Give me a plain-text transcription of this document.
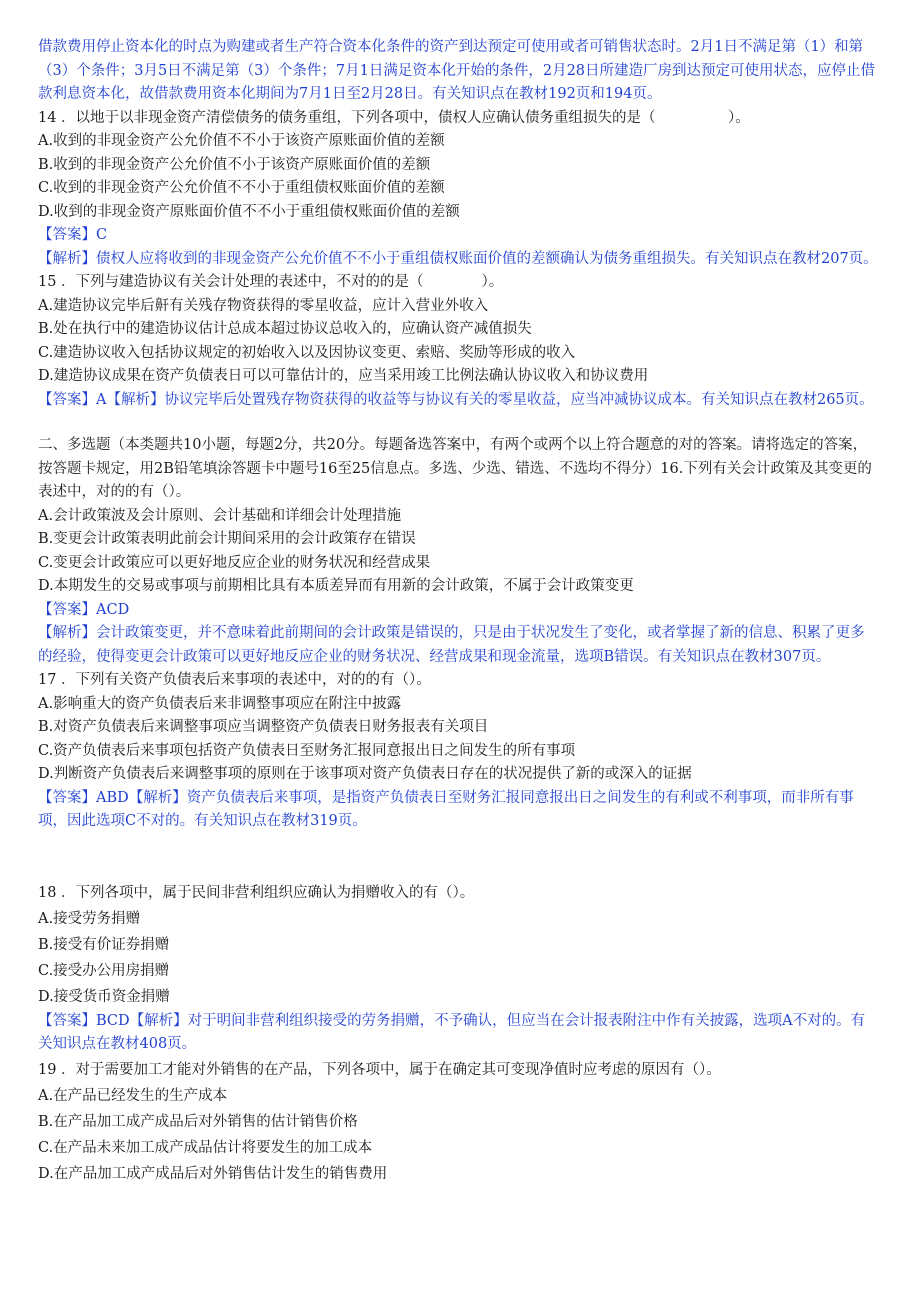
借款费用停止资本化的时点为购建或者生产符合资本化条件的资产到达预定可使用或者可销售状态时。2月1日不满足第（1）和第（3）个条件；3月5日不满足第（3）个条件；7月1日满足资本化开始的条件，2月28日所建造厂房到达预定可使用状态，应停止借款利息资本化，故借款费用资本化期间为7月1日至2月28日。有关知识点在教材192页和194页。

14 ．以地于以非现金资产清偿债务的债务重组，下列各项中，债权人应确认债务重组损失的是（　　　　　）。

A.收到的非现金资产公允价值不不小于该资产原账面价值的差额

B.收到的非现金资产公允价值不小于该资产原账面价值的差额

C.收到的非现金资产公允价值不不小于重组债权账面价值的差额

D.收到的非现金资产原账面价值不不小于重组债权账面价值的差额

【答案】C

【解析】债权人应将收到的非现金资产公允价值不不小于重组债权账面价值的差额确认为债务重组损失。有关知识点在教材207页。

15 ．下列与建造协议有关会计处理的表述中，不对的的是（　　　　）。

A.建造协议完毕后鼾有关残存物资获得的零星收益，应计入营业外收入

B.处在执行中的建造协议估计总成本超过协议总收入的，应确认资产减值损失

C.建造协议收入包括协议规定的初始收入以及因协议变更、索赔、奖励等形成的收入

D.建造协议成果在资产负债表日可以可靠估计的，应当采用竣工比例法确认协议收入和协议费用

【答案】A【解析】协议完毕后处置残存物资获得的收益等与协议有关的零星收益，应当冲减协议成本。有关知识点在教材265页。

二、多选题（本类题共10小题，每题2分，共20分。每题备选答案中，有两个或两个以上符合题意的对的答案。请将选定的答案，按答题卡规定，用2B铅笔填涂答题卡中题号16至25信息点。多选、少选、错选、不选均不得分）16.下列有关会计政策及其变更的表述中，对的的有（）。

A.会计政策波及会计原则、会计基础和详细会计处理措施

B.变更会计政策表明此前会计期间采用的会计政策存在错误

C.变更会计政策应可以更好地反应企业的财务状况和经营成果

D.本期发生的交易或事项与前期相比具有本质差异而有用新的会计政策，不属于会计政策变更

【答案】ACD

【解析】会计政策变更，并不意味着此前期间的会计政策是错误的，只是由于状况发生了变化，或者掌握了新的信息、积累了更多的经验，使得变更会计政策可以更好地反应企业的财务状况、经营成果和现金流量，选项B错误。有关知识点在教材307页。

17 ．下列有关资产负债表后来事项的表述中，对的的有（）。

A.影响重大的资产负债表后来非调整事项应在附注中披露

B.对资产负债表后来调整事项应当调整资产负债表日财务报表有关项目

C.资产负债表后来事项包括资产负债表日至财务汇报同意报出日之间发生的所有事项

D.判断资产负债表后来调整事项的原则在于该事项对资产负债表日存在的状况提供了新的或深入的证据

【答案】ABD【解析】资产负债表后来事项，是指资产负债表日至财务汇报同意报出日之间发生的有利或不利事项，而非所有事项，因此选项C不对的。有关知识点在教材319页。

18 ．下列各项中，属于民间非营利组织应确认为捐赠收入的有（）。

A.接受劳务捐赠

B.接受有价证券捐赠

C.接受办公用房捐赠

D.接受货币资金捐赠

【答案】BCD【解析】对于明间非营利组织接受的劳务捐赠，不予确认，但应当在会计报表附注中作有关披露，选项A不对的。有关知识点在教材408页。

19 ．对于需要加工才能对外销售的在产品，下列各项中，属于在确定其可变现净值时应考虑的原因有（）。

A.在产品已经发生的生产成本

B.在产品加工成产成品后对外销售的估计销售价格

C.在产品未来加工成产成品估计将要发生的加工成本

D.在产品加工成产成品后对外销售估计发生的销售费用
